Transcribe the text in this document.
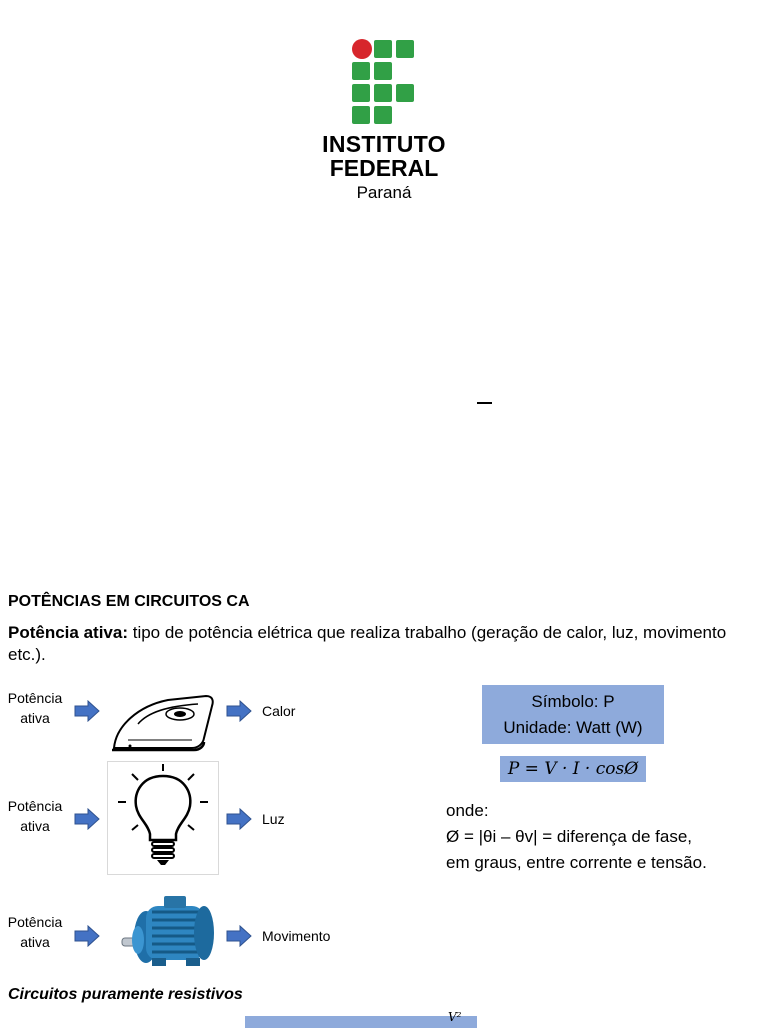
INSTITUTO
FEDERAL
Paraná
POTÊNCIAS EM CIRCUITOS CA
Potência ativa: tipo de potência elétrica que realiza trabalho (geração de calor, luz, movimento etc.).
Potência
ativa	Calor
Potência
ativa	Luz
Potência
ativa	Movimento
Símbolo: P
Unidade: Watt (W)
P = V · I · cosØ
onde:
Ø = |θi – θv| = diferença de fase,
em graus, entre corrente e tensão.
Circuitos puramente resistivos
V²
